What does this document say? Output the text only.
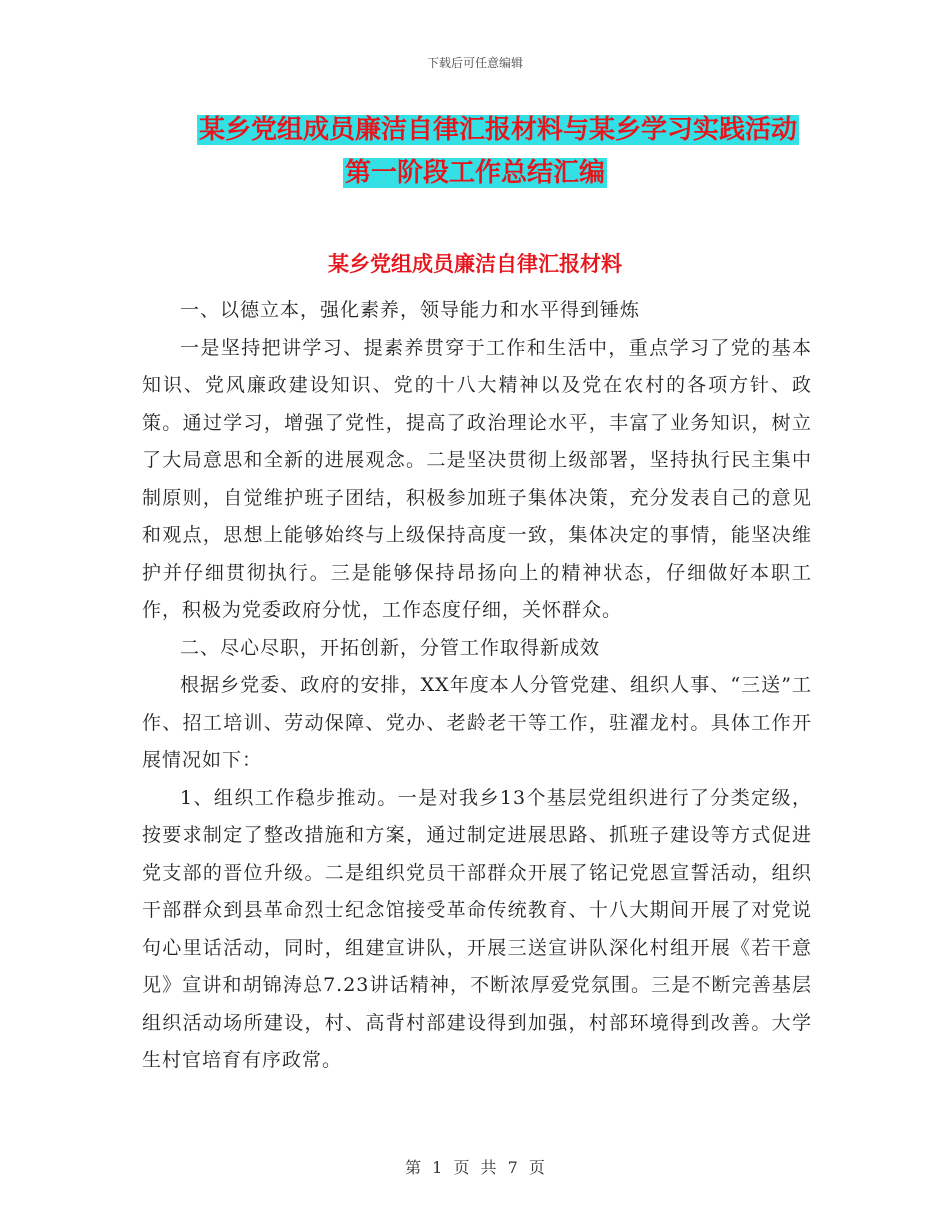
下载后可任意编辑
某乡党组成员廉洁自律汇报材料与某乡学习实践活动
第一阶段工作总结汇编
某乡党组成员廉洁自律汇报材料

一、以德立本，强化素养，领导能力和水平得到锤炼

一是坚持把讲学习、提素养贯穿于工作和生活中，重点学习了党的基本知识、党风廉政建设知识、党的十八大精神以及党在农村的各项方针、政策。通过学习，增强了党性，提高了政治理论水平，丰富了业务知识，树立了大局意思和全新的进展观念。二是坚决贯彻上级部署，坚持执行民主集中制原则，自觉维护班子团结，积极参加班子集体决策，充分发表自己的意见和观点，思想上能够始终与上级保持高度一致，集体决定的事情，能坚决维护并仔细贯彻执行。三是能够保持昂扬向上的精神状态，仔细做好本职工作，积极为党委政府分忧，工作态度仔细，关怀群众。

二、尽心尽职，开拓创新，分管工作取得新成效

根据乡党委、政府的安排，XX年度本人分管党建、组织人事、“三送”工作、招工培训、劳动保障、党办、老龄老干等工作，驻濯龙村。具体工作开展情况如下：

1、组织工作稳步推动。一是对我乡13个基层党组织进行了分类定级，按要求制定了整改措施和方案，通过制定进展思路、抓班子建设等方式促进党支部的晋位升级。二是组织党员干部群众开展了铭记党恩宣誓活动，组织干部群众到县革命烈士纪念馆接受革命传统教育、十八大期间开展了对党说句心里话活动，同时，组建宣讲队，开展三送宣讲队深化村组开展《若干意见》宣讲和胡锦涛总7.23讲话精神，不断浓厚爱党氛围。三是不断完善基层组织活动场所建设，村、高背村部建设得到加强，村部环境得到改善。大学生村官培育有序政常。

第 1 页 共 7 页
